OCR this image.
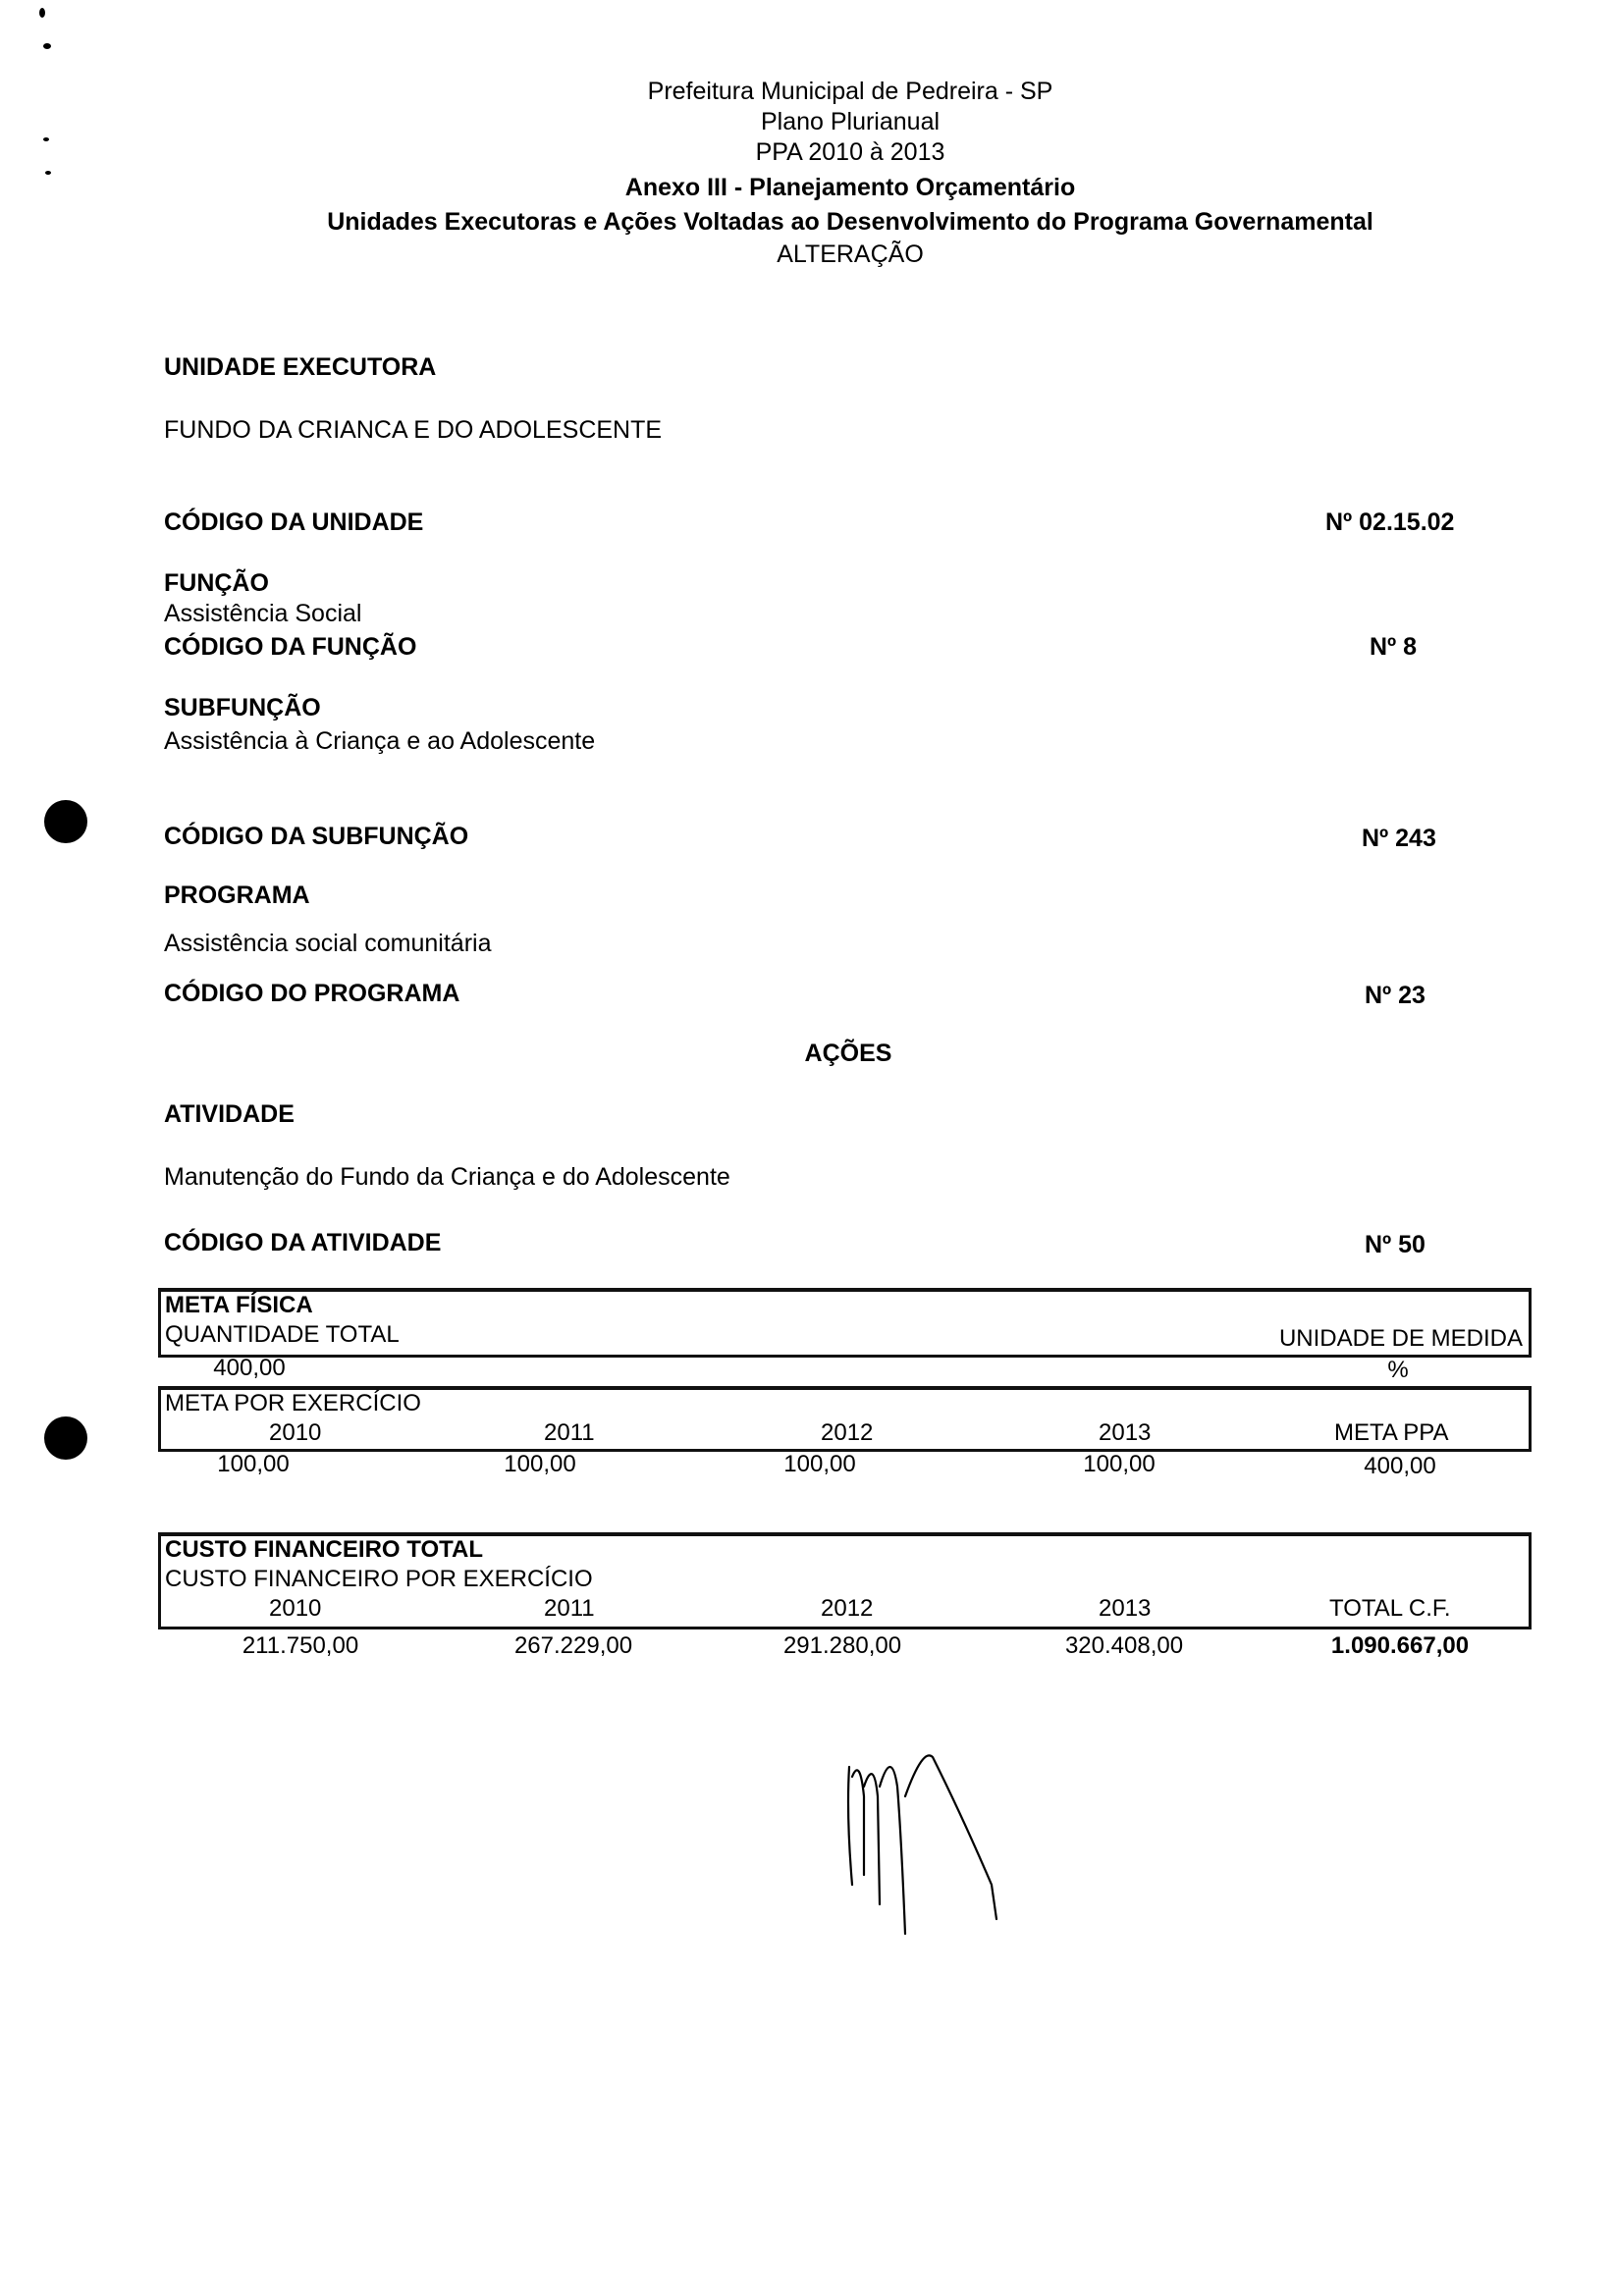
Prefeitura Municipal de Pedreira - SP
Plano Plurianual
PPA 2010 à 2013
Anexo III - Planejamento Orçamentário
Unidades Executoras e Ações Voltadas ao Desenvolvimento do Programa Governamental
ALTERAÇÃO
UNIDADE EXECUTORA
FUNDO DA CRIANCA E DO ADOLESCENTE
CÓDIGO DA UNIDADE	Nº 02.15.02
FUNÇÃO
Assistência Social
CÓDIGO DA FUNÇÃO	Nº 8
SUBFUNÇÃO
Assistência à Criança e ao Adolescente
CÓDIGO DA SUBFUNÇÃO	Nº 243
PROGRAMA
Assistência social comunitária
CÓDIGO DO PROGRAMA	Nº 23
AÇÕES
ATIVIDADE
Manutenção do Fundo da Criança e do Adolescente
CÓDIGO DA ATIVIDADE	Nº 50
META FÍSICA
QUANTIDADE TOTAL	UNIDADE DE MEDIDA
400,00	%
META POR EXERCÍCIO
2010	2011	2012	2013	META PPA
100,00	100,00	100,00	100,00	400,00
CUSTO FINANCEIRO TOTAL
CUSTO FINANCEIRO POR EXERCÍCIO
2010	2011	2012	2013	TOTAL C.F.
211.750,00	267.229,00	291.280,00	320.408,00	1.090.667,00
